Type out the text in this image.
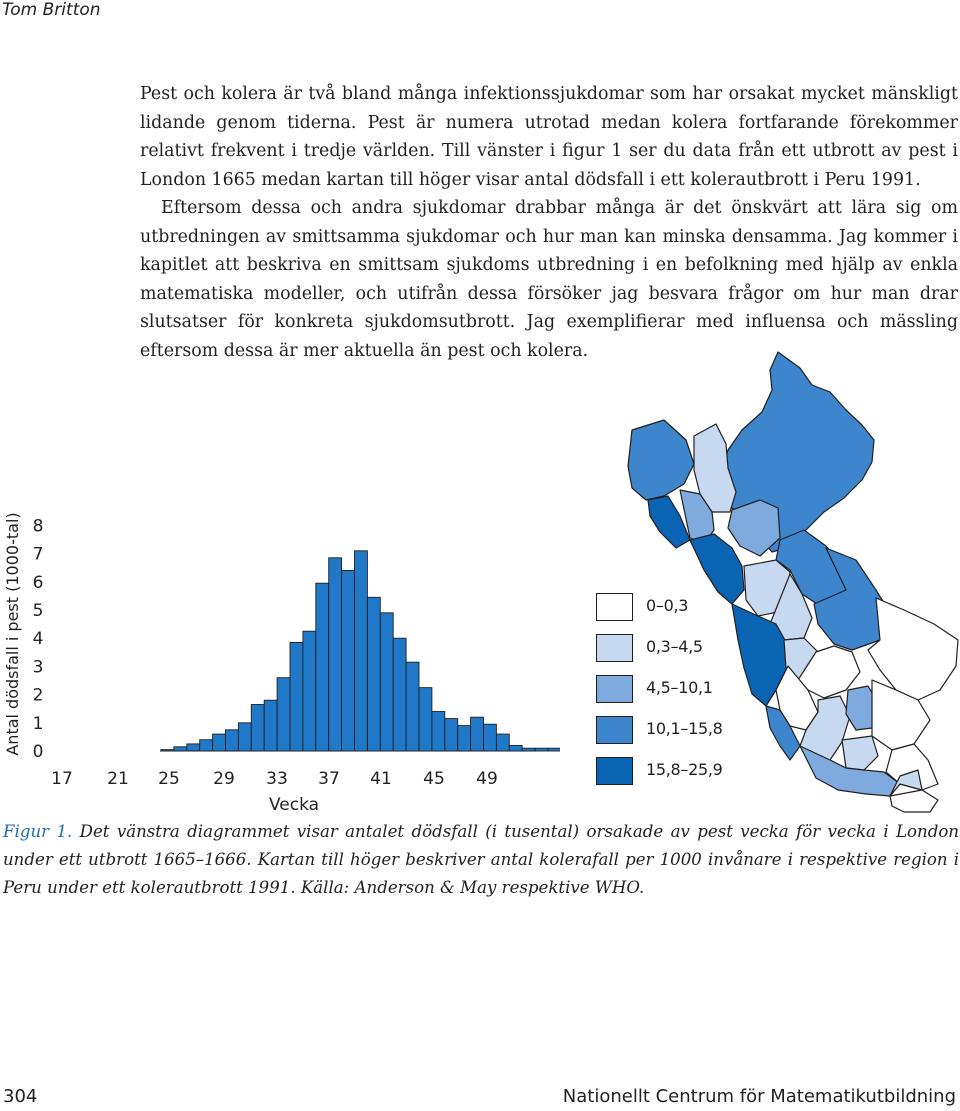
Tom Britton

Pest och kolera är två bland många infektionssjukdomar som har orsakat mycket mänskligt lidande genom tiderna. Pest är numera utrotad medan kolera fortfarande förekommer relativt frekvent i tredje världen. Till vänster i figur 1 ser du data från ett utbrott av pest i London 1665 medan kartan till höger visar antal dödsfall i ett kolerautbrott i Peru 1991.

Eftersom dessa och andra sjukdomar drabbar många är det önskvärt att lära sig om utbredningen av smittsamma sjukdomar och hur man kan minska densamma. Jag kommer i kapitlet att beskriva en smittsam sjukdoms utbredning i en befolkning med hjälp av enkla matematiska modeller, och utifrån dessa försöker jag besvara frågor om hur man drar slutsatser för konkreta sjukdomsutbrott. Jag exemplifierar med influensa och mässling eftersom dessa är mer aktuella än pest och kolera.

Antal dödsfall i pest (1000-tal) 0
1
2
3
4
5
6
7
8
17 21 25 29 33 37 41 45 49
Vecka
0–0,3
0,3–4,5
4,5–10,1
10,1–15,8
15,8–25,9
Figur 1. Det vänstra diagrammet visar antalet dödsfall (i tusental) orsakade av pest vecka för vecka i London under ett utbrott 1665–1666. Kartan till höger beskriver antal kolerafall per 1000 invånare i respektive region i Peru under ett kolerautbrott 1991. Källa: Anderson & May respektive WHO.
304	Nationellt Centrum för Matematikutbildning
